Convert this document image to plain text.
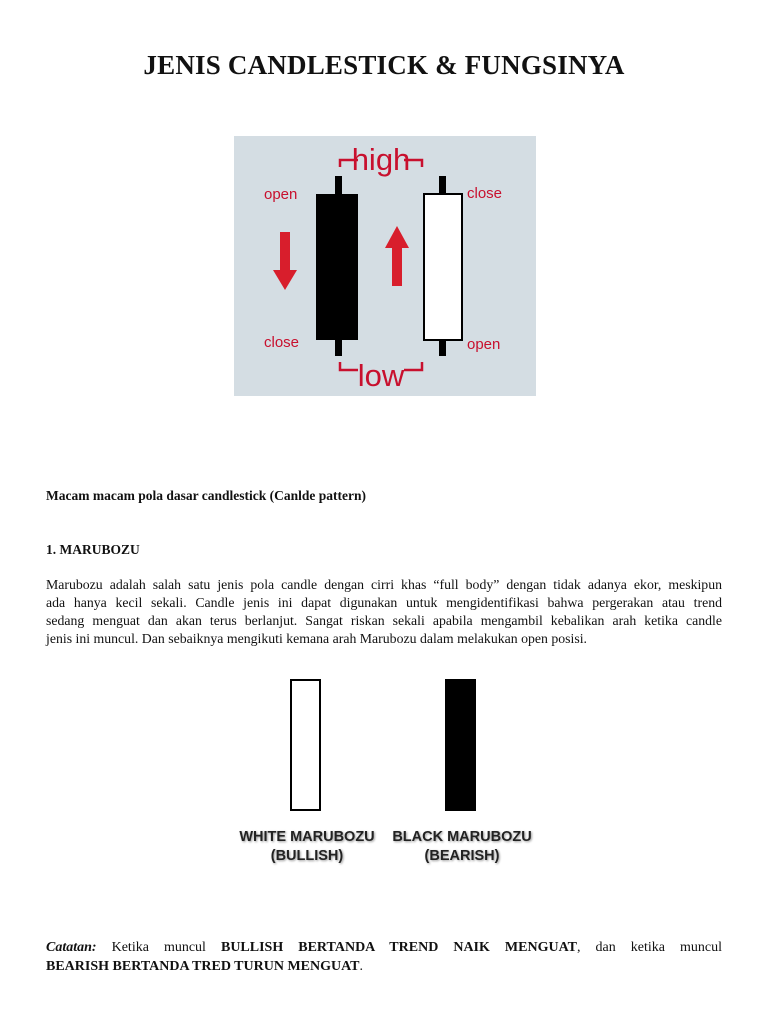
JENIS CANDLESTICK & FUNGSINYA
high
low
open
close
close
open
Macam macam pola dasar candlestick (Canlde pattern)
1. MARUBOZU
Marubozu adalah salah satu jenis pola candle dengan cirri khas “full body” dengan tidak adanya ekor, meskipun
ada hanya kecil sekali. Candle jenis ini dapat digunakan untuk mengidentifikasi bahwa pergerakan atau trend
sedang menguat dan akan terus berlanjut. Sangat riskan sekali apabila mengambil kebalikan arah ketika candle
jenis ini muncul. Dan sebaiknya mengikuti kemana arah Marubozu dalam melakukan open posisi.
WHITE MARUBOZU
(BULLISH)
BLACK MARUBOZU
(BEARISH)
Catatan: Ketika muncul BULLISH BERTANDA TREND NAIK MENGUAT, dan ketika muncul
BEARISH BERTANDA TRED TURUN MENGUAT.
